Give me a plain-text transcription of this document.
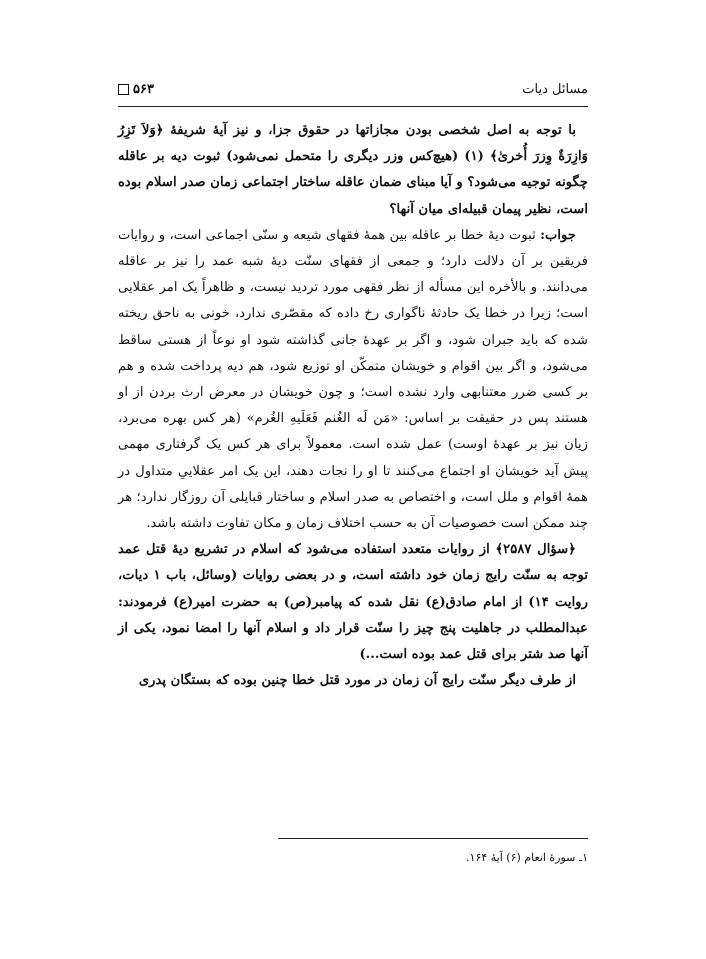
مسائل دیات
۵۶۳

با توجه به اصل شخصی بودن مجازاتها در حقوق جزا، و نیز آیهٔ شریفهٔ ﴿وَلاَ تَزِرُ وَازِرَةٌ وِزرَ أُخرىٰ﴾ (۱) (هیچ‌کس وزر دیگری را متحمل نمی‌شود) ثبوت دیه بر عاقله چگونه توجیه می‌شود؟ و آیا مبنای ضمان عاقله ساختار اجتماعی زمان صدر اسلام بوده است، نظیر پیمان قبیله‌ای میان آنها؟

جواب: ثبوت دیهٔ خطا بر عاقله بین همهٔ فقهای شیعه و سنّی اجماعی است، و روایات فریقین بر آن دلالت دارد؛ و جمعی از فقهای سنّت دیهٔ شبه عمد را نیز بر عاقله می‌دانند. و بالأخره این مسأله از نظر فقهی مورد تردید نیست، و ظاهراً یک امر عقلایی است؛ زیرا در خطا یک حادثهٔ ناگواری رخ داده که مقصّری ندارد، خونی به ناحق ریخته شده که باید جبران شود، و اگر بر عهدهٔ جانی گذاشته شود او نوعاً از هستی ساقط می‌شود، و اگر بین اقوام و خویشان متمکّن او توزیع شود، هم دیه پرداخت شده و هم بر کسی ضرر معتنابهی وارد نشده است؛ و چون خویشان در معرض ارث بردن از او هستند پس در حقیقت بر اساس: «مَن لَه الغُنم فَعَلَیهِ الغُرم» (هر کس بهره می‌برد، زیان نیز بر عهدهٔ اوست) عمل شده است. معمولاً برای هر کس یک گرفتاری مهمی پیش آید خویشان او اجتماع می‌کنند تا او را نجات دهند، این یک امر عقلاییِ متداول در همهٔ اقوام و ملل است، و اختصاص به صدر اسلام و ساختار قبایلی آن روزگار ندارد؛ هر چند ممکن است خصوصیات آن به حسب اختلاف زمان و مکان تفاوت داشته باشد.

﴿سؤال ۲۵۸۷﴾ از روایات متعدد استفاده می‌شود که اسلام در تشریع دیهٔ قتل عمد توجه به سنّت رایج زمان خود داشته است، و در بعضی روایات (وسائل، باب ۱ دیات، روایت ۱۴) از امام صادق(ع) نقل شده که پیامبر(ص) به حضرت امیر(ع) فرمودند: عبدالمطلب در جاهلیت پنج چیز را سنّت قرار داد و اسلام آنها را امضا نمود، یکی از آنها صد شتر برای قتل عمد بوده است...)

از طرف دیگر سنّت رایج آن زمان در مورد قتل خطا چنین بوده که بستگان پدری

۱ـ سورهٔ انعام (۶) آیهٔ ۱۶۴.
